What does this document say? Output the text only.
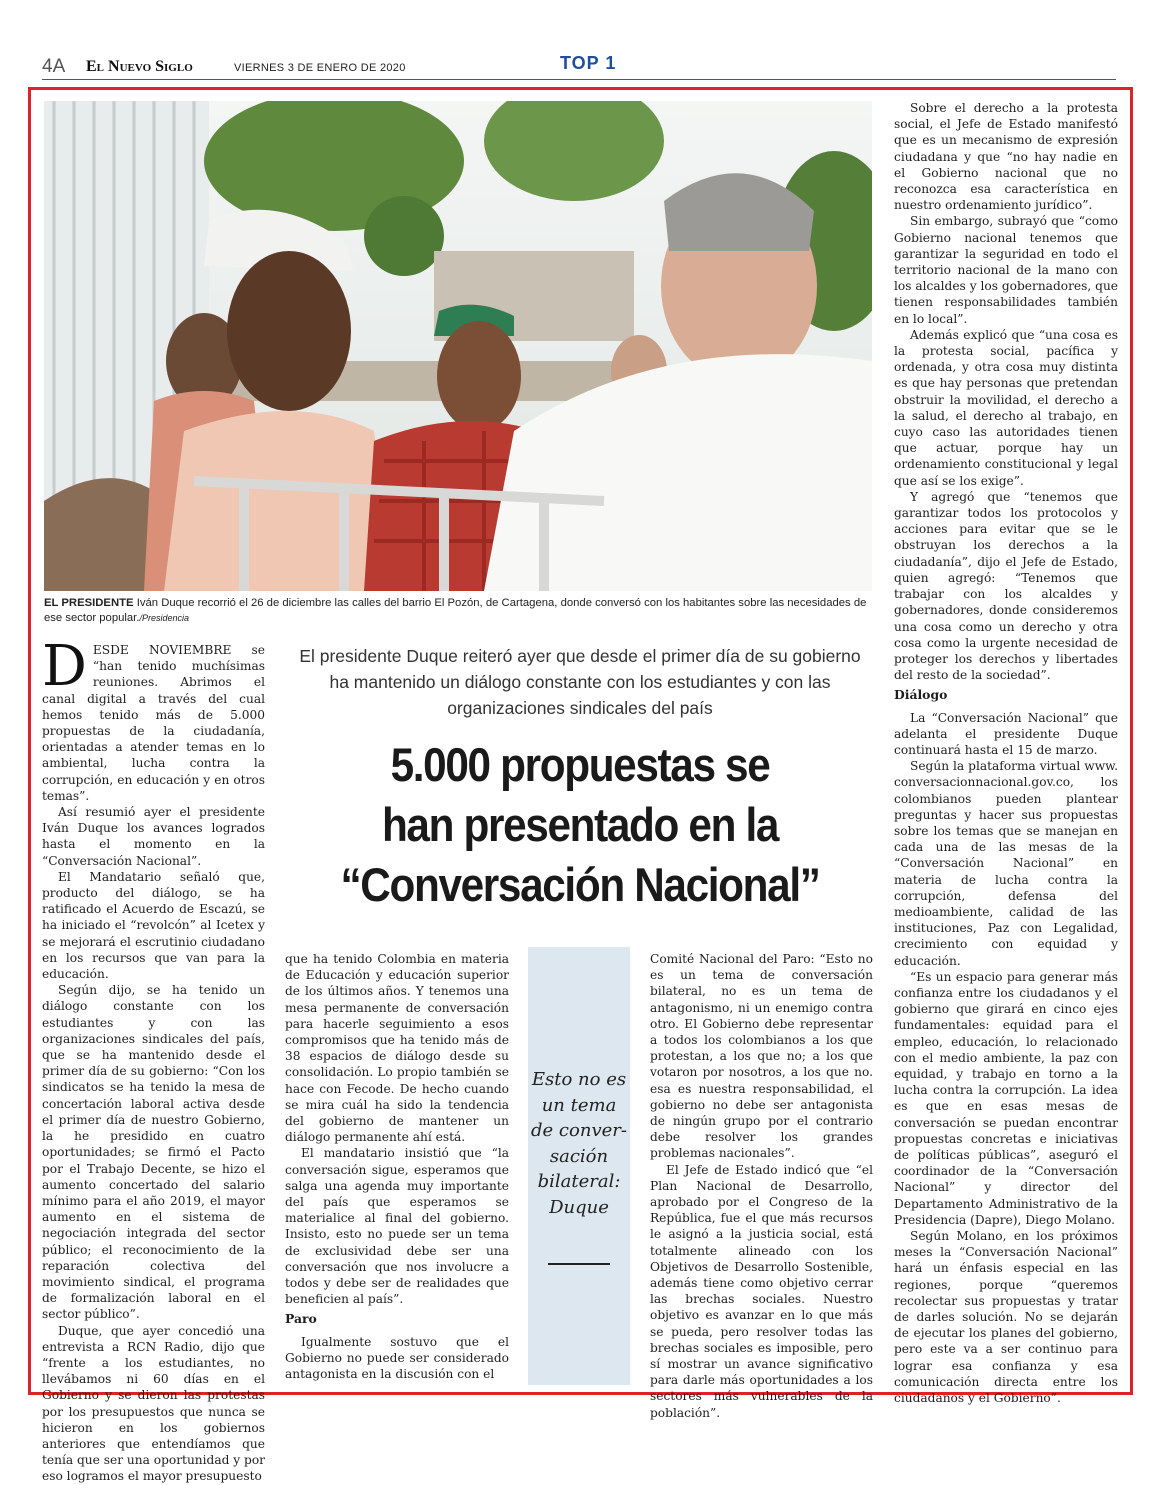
4A El Nuevo Siglo	VIERNES 3 DE ENERO DE 2020	TOP 1
EL PRESIDENTE Iván Duque recorrió el 26 de diciembre las calles del barrio El Pozón, de Cartagena, donde conversó con los habitantes sobre las necesidades de ese sector popular./Presidencia
El presidente Duque reiteró ayer que desde el primer día de su gobierno ha mantenido un diálogo constante con los estudiantes y con las organizaciones sindicales del país
5.000 propuestas se
han presentado en la
“Conversación Nacional”

DESDE NOVIEMBRE se “han tenido muchísimas reuniones. Abrimos el canal digital a través del cual hemos tenido más de 5.000 propuestas de la ciudadanía, orientadas a atender temas en lo ambiental, lucha contra la corrupción, en educación y en otros temas”.

Así resumió ayer el presidente Iván Duque los avances logrados hasta el momento en la “Conversación Nacional”.

El Mandatario señaló que, producto del diálogo, se ha ratificado el Acuerdo de Escazú, se ha iniciado el “revolcón” al Icetex y se mejorará el escrutinio ciudadano en los recursos que van para la educación.

Según dijo, se ha tenido un diálogo constante con los estudiantes y con las organizaciones sindicales del país, que se ha mantenido desde el primer día de su gobierno: “Con los sindicatos se ha tenido la mesa de concertación laboral activa desde el primer día de nuestro Gobierno, la he presidido en cuatro oportunidades; se firmó el Pacto por el Trabajo Decente, se hizo el aumento concertado del salario mínimo para el año 2019, el mayor aumento en el sistema de negociación integrada del sector público; el reconocimiento de la reparación colectiva del movimiento sindical, el programa de formalización laboral en el sector público”.

Duque, que ayer concedió una entrevista a RCN Radio, dijo que “frente a los estudiantes, no llevábamos ni 60 días en el Gobierno y se dieron las protestas por los presupuestos que nunca se hicieron en los gobiernos anteriores que entendíamos que tenía que ser una oportunidad y por eso logramos el mayor presupuesto

que ha tenido Colombia en materia de Educación y educación superior de los últimos años. Y tenemos una mesa permanente de conversación para hacerle seguimiento a esos compromisos que ha tenido más de 38 espacios de diálogo desde su consolidación. Lo propio también se hace con Fecode. De hecho cuando se mira cuál ha sido la tendencia del gobierno de mantener un diálogo permanente ahí está.

El mandatario insistió que “la conversación sigue, esperamos que salga una agenda muy importante del país que esperamos se materialice al final del gobierno. Insisto, esto no puede ser un tema de exclusividad debe ser una conversación que nos involucre a todos y debe ser de realidades que beneficien al país”.

Paro

Igualmente sostuvo que el Gobierno no puede ser considerado antagonista en la discusión con el

Esto no es un tema de conver-sación bilateral: Duque

Comité Nacional del Paro: “Esto no es un tema de conversación bilateral, no es un tema de antagonismo, ni un enemigo contra otro. El Gobierno debe representar a todos los colombianos a los que protestan, a los que no; a los que votaron por nosotros, a los que no. esa es nuestra responsabilidad, el gobierno no debe ser antagonista de ningún grupo por el contrario debe resolver los grandes problemas nacionales”.

El Jefe de Estado indicó que “el Plan Nacional de Desarrollo, aprobado por el Congreso de la República, fue el que más recursos le asignó a la justicia social, está totalmente alineado con los Objetivos de Desarrollo Sostenible, además tiene como objetivo cerrar las brechas sociales. Nuestro objetivo es avanzar en lo que más se pueda, pero resolver todas las brechas sociales es imposible, pero sí mostrar un avance significativo para darle más oportunidades a los sectores más vulnerables de la población”.

Sobre el derecho a la protesta social, el Jefe de Estado manifestó que es un mecanismo de expresión ciudadana y que “no hay nadie en el Gobierno nacional que no reconozca esa característica en nuestro ordenamiento jurídico”.

Sin embargo, subrayó que “como Gobierno nacional tenemos que garantizar la seguridad en todo el territorio nacional de la mano con los alcaldes y los gobernadores, que tienen responsabilidades también en lo local”.

Además explicó que “una cosa es la protesta social, pacífica y ordenada, y otra cosa muy distinta es que hay personas que pretendan obstruir la movilidad, el derecho a la salud, el derecho al trabajo, en cuyo caso las autoridades tienen que actuar, porque hay un ordenamiento constitucional y legal que así se los exige”.

Y agregó que “tenemos que garantizar todos los protocolos y acciones para evitar que se le obstruyan los derechos a la ciudadanía”, dijo el Jefe de Estado, quien agregó: “Tenemos que trabajar con los alcaldes y gobernadores, donde consideremos una cosa como un derecho y otra cosa como la urgente necesidad de proteger los derechos y libertades del resto de la sociedad”.

Diálogo

La “Conversación Nacional” que adelanta el presidente Duque continuará hasta el 15 de marzo.

Según la plataforma virtual www. conversacionnacional.gov.co, los colombianos pueden plantear preguntas y hacer sus propuestas sobre los temas que se manejan en cada una de las mesas de la “Conversación Nacional” en materia de lucha contra la corrupción, defensa del medioambiente, calidad de las instituciones, Paz con Legalidad, crecimiento con equidad y educación.

“Es un espacio para generar más confianza entre los ciudadanos y el gobierno que girará en cinco ejes fundamentales: equidad para el empleo, educación, lo relacionado con el medio ambiente, la paz con equidad, y trabajo en torno a la lucha contra la corrupción. La idea es que en esas mesas de conversación se puedan encontrar propuestas concretas e iniciativas de políticas públicas”, aseguró el coordinador de la “Conversación Nacional” y director del Departamento Administrativo de la Presidencia (Dapre), Diego Molano.

Según Molano, en los próximos meses la “Conversación Nacional” hará un énfasis especial en las regiones, porque “queremos recolectar sus propuestas y tratar de darles solución. No se dejarán de ejecutar los planes del gobierno, pero este va a ser continuo para lograr esa confianza y esa comunicación directa entre los ciudadanos y el Gobierno”.
